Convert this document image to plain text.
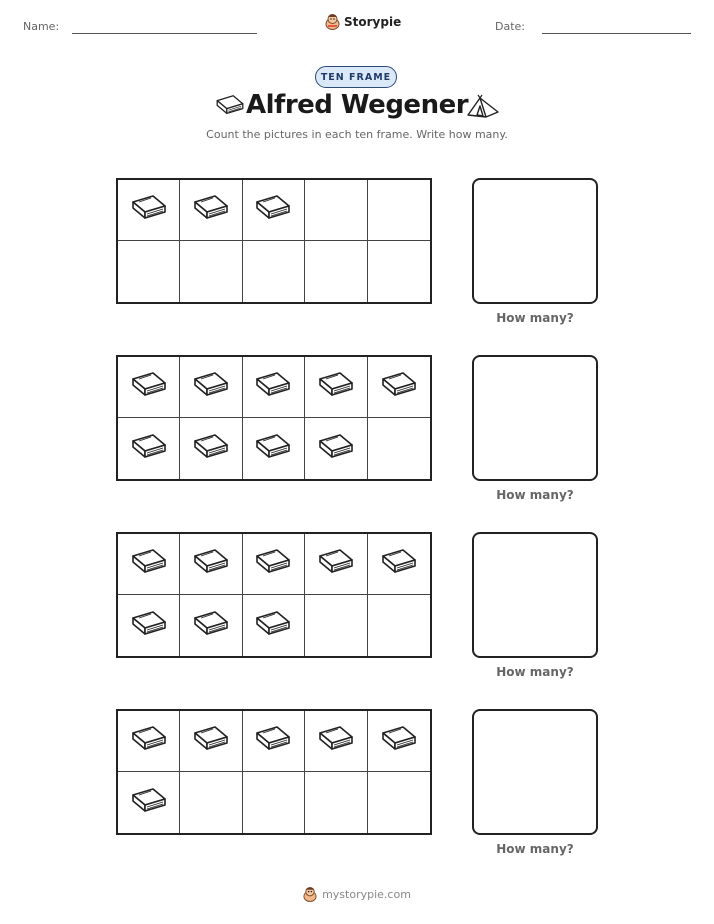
Name:	Storypie	Date:
TEN FRAME
Alfred Wegener
Count the pictures in each ten frame. Write how many.
How many?
How many?
How many?
How many?
mystorypie.com
